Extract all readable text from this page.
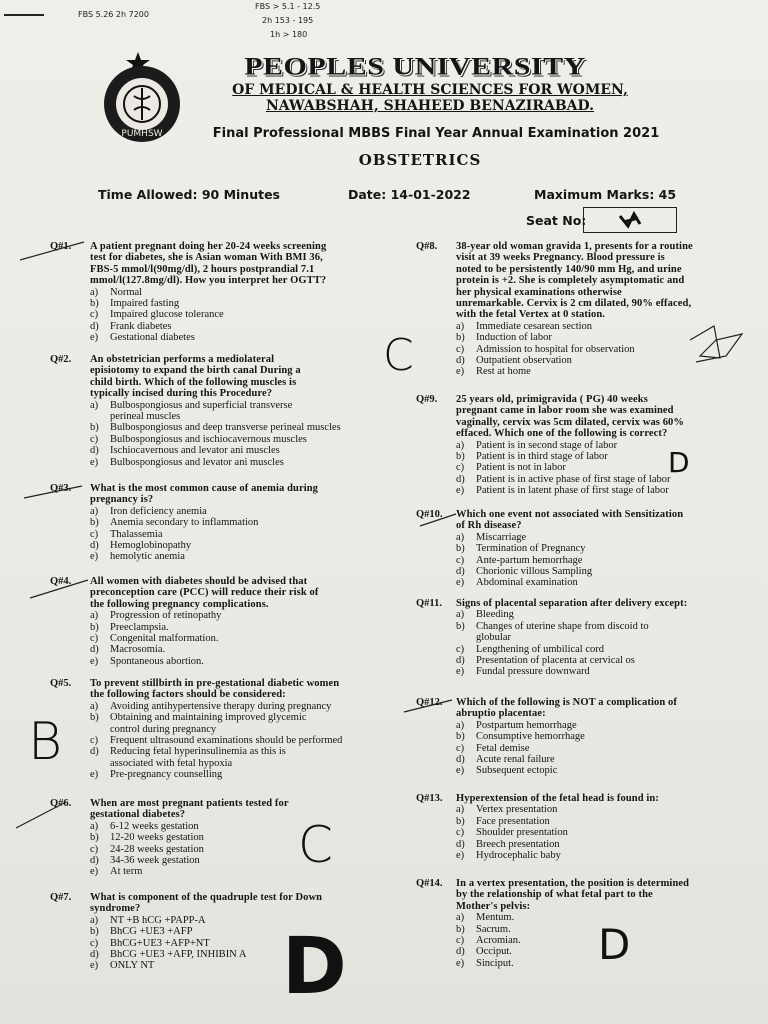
FBS 5.26 2h 7200
FBS > 5.1 - 12.5
2h 153 - 195
1h > 180
PUMHSW
PEOPLES UNIVERSITY
OF MEDICAL & HEALTH SCIENCES FOR WOMEN,
NAWABSHAH, SHAHEED BENAZIRABAD.
Final Professional MBBS Final Year Annual Examination 2021
OBSTETRICS
Time Allowed: 90 Minutes	Date: 14-01-2022	Maximum Marks: 45
Seat No:
Q#1. A patient pregnant doing her 20-24 weeks screening
test for diabetes, she is Asian woman With BMI 36,
FBS-5 mmol/l(90mg/dl), 2 hours postprandial 7.1
mmol/l(127.8mg/dl). How you interpret her OGTT?
a)	Normal
b)	Impaired fasting
c)	Impaired glucose tolerance
d)	Frank diabetes
e)	Gestational diabetes
Q#2. An obstetrician performs a mediolateral
episiotomy to expand the birth canal During a
child birth. Which of the following muscles is
typically incised during this Procedure?
a)	Bulbospongiosus and superficial transverse
perineal muscles
b)	Bulbospongiosus and deep transverse perineal muscles
c)	Bulbospongiosus and ischiocavernous muscles
d)	Ischiocavernous and levator ani muscles
e)	Bulbospongiosus and levator ani muscles
Q#3. What is the most common cause of anemia during
pregnancy is?
a)	Iron deficiency anemia
b)	Anemia secondary to inflammation
c)	Thalassemia
d)	Hemoglobinopathy
e)	hemolytic anemia
Q#4. All women with diabetes should be advised that
preconception care (PCC) will reduce their risk of
the following pregnancy complications.
a)	Progression of retinopathy
b)	Preeclampsia.
c)	Congenital malformation.
d)	Macrosomia.
e)	Spontaneous abortion.
Q#5. To prevent stillbirth in pre-gestational diabetic women
the following factors should be considered:
a)	Avoiding antihypertensive therapy during pregnancy
b)	Obtaining and maintaining improved glycemic
control during pregnancy
c)	Frequent ultrasound examinations should be performed
d)	Reducing fetal hyperinsulinemia as this is
associated with fetal hypoxia
e)	Pre-pregnancy counselling
Q#6. When are most pregnant patients tested for
gestational diabetes?
a)	6-12 weeks gestation
b)	12-20 weeks gestation
c)	24-28 weeks gestation
d)	34-36 week gestation
e)	At term
Q#7. What is component of the quadruple test for Down
syndrome?
a)	NT +B hCG +PAPP-A
b)	BhCG +UE3 +AFP
c)	BhCG+UE3 +AFP+NT
d)	BhCG +UE3 +AFP, INHIBIN A
e)	ONLY NT
Q#8. 38-year old woman gravida 1, presents for a routine
visit at 39 weeks Pregnancy. Blood pressure is
noted to be persistently 140/90 mm Hg, and urine
protein is +2. She is completely asymptomatic and
her physical examinations otherwise
unremarkable. Cervix is 2 cm dilated, 90% effaced,
with the fetal Vertex at 0 station.
a)	Immediate cesarean section
b)	Induction of labor
c)	Admission to hospital for observation
d)	Outpatient observation
e)	Rest at home
Q#9. 25 years old, primigravida ( PG) 40 weeks
pregnant came in labor room she was examined
vaginally, cervix was 5cm dilated, cervix was 60%
effaced. Which one of the following is correct?
a)	Patient is in second stage of labor
b)	Patient is in third stage of labor
c)	Patient is not in labor
d)	Patient is in active phase of first stage of labor
e)	Patient is in latent phase of first stage of labor
Q#10. Which one event not associated with Sensitization
of Rh disease?
a)	Miscarriage
b)	Termination of Pregnancy
c)	Ante-partum hemorrhage
d)	Chorionic villous Sampling
e)	Abdominal examination
Q#11. Signs of placental separation after delivery except:
a)	Bleeding
b)	Changes of uterine shape from discoid to
globular
c)	Lengthening of umbilical cord
d)	Presentation of placenta at cervical os
e)	Fundal pressure downward
Q#12. Which of the following is NOT a complication of
abruptio placentae:
a)	Postpartum hemorrhage
b)	Consumptive hemorrhage
c)	Fetal demise
d)	Acute renal failure
e)	Subsequent ectopic
Q#13. Hyperextension of the fetal head is found in:
a)	Vertex presentation
b)	Face presentation
c)	Shoulder presentation
d)	Breech presentation
e)	Hydrocephalic baby
Q#14. In a vertex presentation, the position is determined
by the relationship of what fetal part to the
Mother's pelvis:
a)	Mentum.
b)	Sacrum.
c)	Acromian.
d)	Occiput.
e)	Sinciput.
C
B
C
D
D	D
